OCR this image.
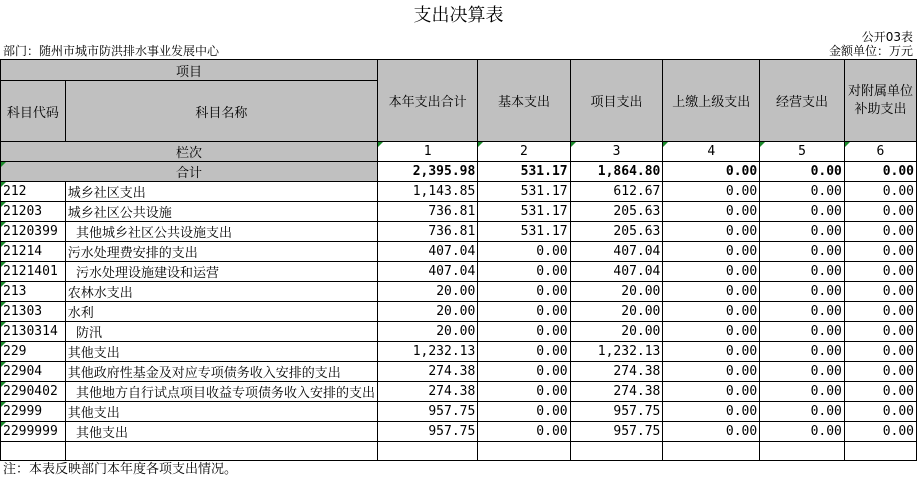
支出决算表
公开03表
部门：随州市城市防洪排水事业发展中心	金额单位：万元
项目		本年支出合计	基本支出	项目支出	上缴上级支出	经营支出	对附属单位补助支出
科目代码	科目名称						
栏次		1	2	3	4	5	6
合计		2,395.98	531.17	1,864.80	0.00	0.00	0.00
212	城乡社区支出	1,143.85	531.17	612.67	0.00	0.00	0.00
21203	城乡社区公共设施	736.81	531.17	205.63	0.00	0.00	0.00
2120399	其他城乡社区公共设施支出	736.81	531.17	205.63	0.00	0.00	0.00
21214	污水处理费安排的支出	407.04	0.00	407.04	0.00	0.00	0.00
2121401	污水处理设施建设和运营	407.04	0.00	407.04	0.00	0.00	0.00
213	农林水支出	20.00	0.00	20.00	0.00	0.00	0.00
21303	水利	20.00	0.00	20.00	0.00	0.00	0.00
2130314	防汛	20.00	0.00	20.00	0.00	0.00	0.00
229	其他支出	1,232.13	0.00	1,232.13	0.00	0.00	0.00
22904	其他政府性基金及对应专项债务收入安排的支出	274.38	0.00	274.38	0.00	0.00	0.00
2290402	其他地方自行试点项目收益专项债务收入安排的支出	274.38	0.00	274.38	0.00	0.00	0.00
22999	其他支出	957.75	0.00	957.75	0.00	0.00	0.00
2299999	其他支出	957.75	0.00	957.75	0.00	0.00	0.00

注：本表反映部门本年度各项支出情况。
